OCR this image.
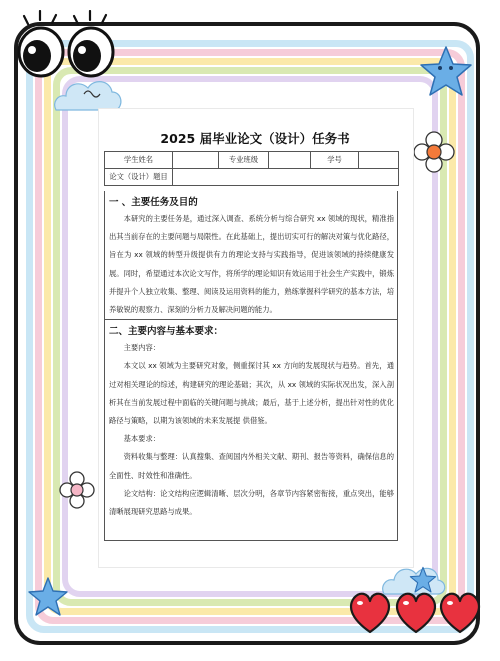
2025 届毕业论文（设计）任务书
学生姓名		专业班级		学号	
论文（设计）题目					
一 、主要任务及目的
本研究的主要任务是，通过深入调查、系统分析与综合研究 xx 领域的现状，精准指出其当前存在的主要问题与局限性。在此基础上，提出切实可行的解决对策与优化路径，旨在为 xx 领域的转型升级提供有力的理论支持与实践指导，促进该领域的持续健康发展。同时，希望通过本次论文写作，将所学的理论知识有效运用于社会生产实践中，锻炼并提升个人独立收集、整理、阅读及运用资料的能力，熟练掌握科学研究的基本方法，培养敏锐的观察力、深刻的分析力及解决问题的能力。
二、主要内容与基本要求：
主要内容：
本文以 xx 领域为主要研究对象，侧重探讨其 xx 方向的发展现状与趋势。首先，通过对相关理论的综述，构建研究的理论基础；其次，从 xx 领域的实际状况出发，深入剖析其在当前发展过程中面临的关键问题与挑战；最后，基于上述分析，提出针对性的优化路径与策略，以期为该领域的未来发展提 供借鉴。
基本要求：
资料收集与整理：认真搜集、查阅国内外相关文献、期刊、报告等资料，确保信息的全面性、时效性和准确性。
论文结构：论文结构应逻辑清晰、层次分明，各章节内容紧密衔接，重点突出，能够清晰展现研究思路与成果。
